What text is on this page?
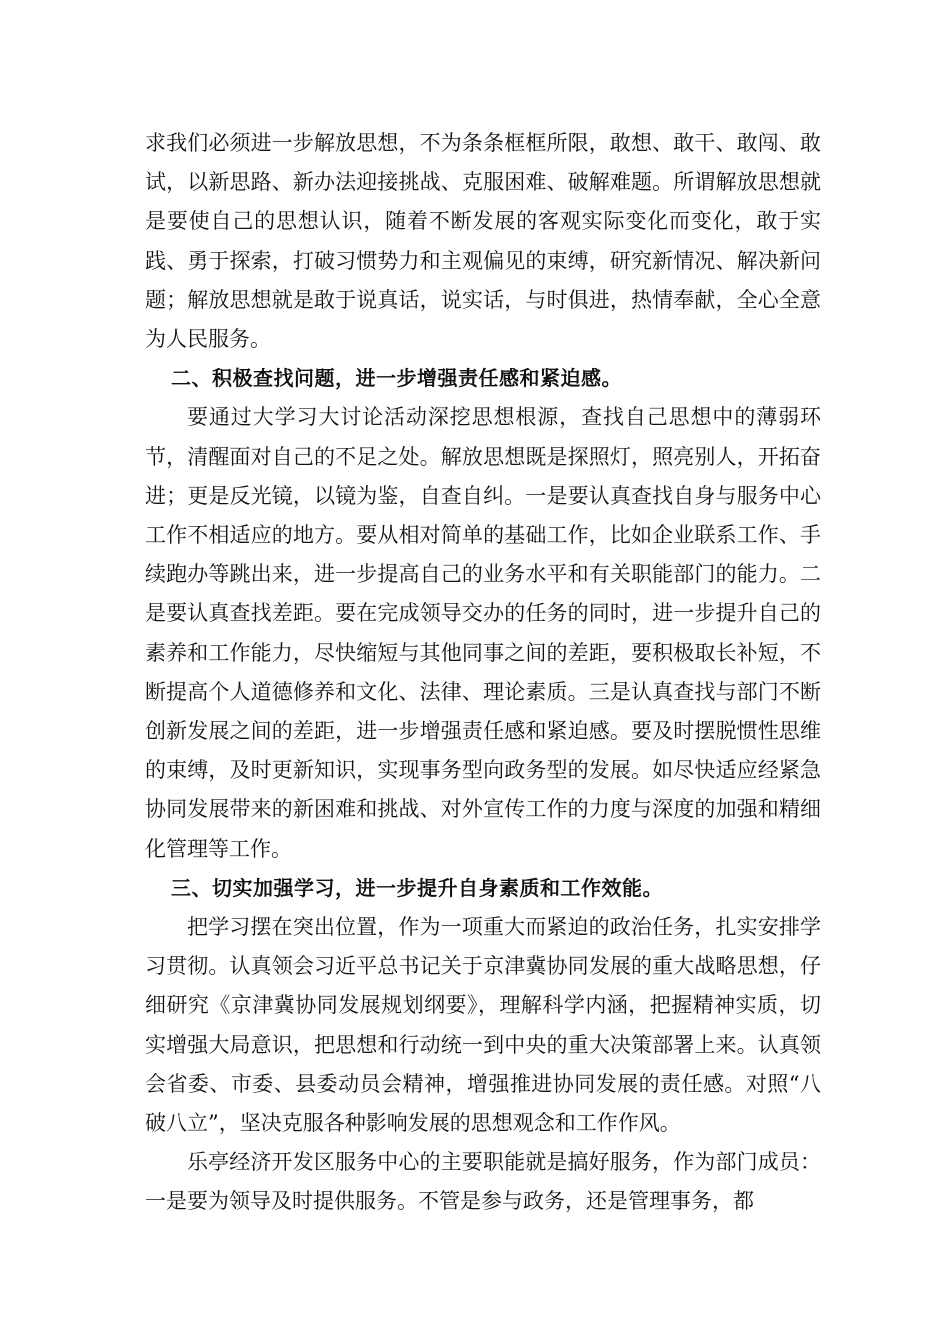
求我们必须进一步解放思想，不为条条框框所限，敢想、敢干、敢闯、敢试，以新思路、新办法迎接挑战、克服困难、破解难题。所谓解放思想就是要使自己的思想认识，随着不断发展的客观实际变化而变化，敢于实践、勇于探索，打破习惯势力和主观偏见的束缚，研究新情况、解决新问题；解放思想就是敢于说真话，说实话，与时俱进，热情奉献，全心全意为人民服务。

二、积极查找问题，进一步增强责任感和紧迫感。

要通过大学习大讨论活动深挖思想根源，查找自己思想中的薄弱环节，清醒面对自己的不足之处。解放思想既是探照灯，照亮别人，开拓奋进；更是反光镜，以镜为鉴，自查自纠。一是要认真查找自身与服务中心工作不相适应的地方。要从相对简单的基础工作，比如企业联系工作、手续跑办等跳出来，进一步提高自己的业务水平和有关职能部门的能力。二是要认真查找差距。要在完成领导交办的任务的同时，进一步提升自己的素养和工作能力，尽快缩短与其他同事之间的差距，要积极取长补短，不断提高个人道德修养和文化、法律、理论素质。三是认真查找与部门不断创新发展之间的差距，进一步增强责任感和紧迫感。要及时摆脱惯性思维的束缚，及时更新知识，实现事务型向政务型的发展。如尽快适应经紧急协同发展带来的新困难和挑战、对外宣传工作的力度与深度的加强和精细化管理等工作。

三、切实加强学习，进一步提升自身素质和工作效能。

把学习摆在突出位置，作为一项重大而紧迫的政治任务，扎实安排学习贯彻。认真领会习近平总书记关于京津冀协同发展的重大战略思想，仔细研究《京津冀协同发展规划纲要》，理解科学内涵，把握精神实质，切实增强大局意识，把思想和行动统一到中央的重大决策部署上来。认真领会省委、市委、县委动员会精神，增强推进协同发展的责任感。对照“八破八立”，坚决克服各种影响发展的思想观念和工作作风。

乐亭经济开发区服务中心的主要职能就是搞好服务，作为部门成员：一是要为领导及时提供服务。不管是参与政务，还是管理事务，都
